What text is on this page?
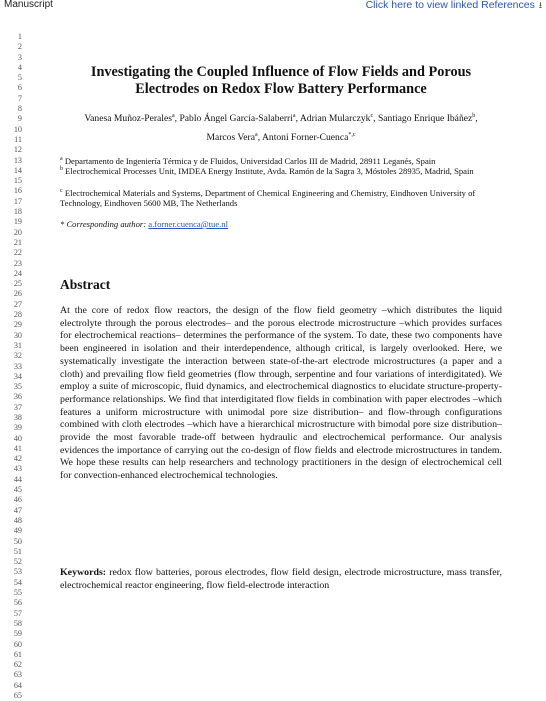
Manuscript	Click here to view linked References ⭳
1
2
3
4
5
6
7
8
9
10
11
12
13
14
15
16
17
18
19
20
21
22
23
24
25
26
27
28
29
30
31
32
33
34
35
36
37
38
39
40
41
42
43
44
45
46
47
48
49
50
51
52
53
54
55
56
57
58
59
60
61
62
63
64
65
Investigating the Coupled Influence of Flow Fields and Porous Electrodes on Redox Flow Battery Performance
Vanesa Muñoz-Perales$^a$, Pablo Ángel García-Salaberri$^a$, Adrian Mularczyk$^c$, Santiago Enrique Ibáñez$^b$,
Marcos Vera$^a$, Antoni Forner-Cuenca$^{*,c}$
$^a$ Departamento de Ingeniería Térmica y de Fluidos, Universidad Carlos III de Madrid, 28911 Leganés, Spain
$^b$ Electrochemical Processes Unit, IMDEA Energy Institute, Avda. Ramón de la Sagra 3, Móstoles 28935, Madrid, Spain
$^c$ Electrochemical Materials and Systems, Department of Chemical Engineering and Chemistry, Eindhoven University of Technology, Eindhoven 5600 MB, The Netherlands
* Corresponding author: a.forner.cuenca@tue.nl
Abstract
At the core of redox flow reactors, the design of the flow field geometry –which distributes the liquid electrolyte through the porous electrodes– and the porous electrode microstructure –which provides surfaces for electrochemical reactions– determines the performance of the system. To date, these two components have been engineered in isolation and their interdependence, although critical, is largely overlooked. Here, we systematically investigate the interaction between state-of-the-art electrode microstructures (a paper and a cloth) and prevailing flow field geometries (flow through, serpentine and four variations of interdigitated). We employ a suite of microscopic, fluid dynamics, and electrochemical diagnostics to elucidate structure-property-performance relationships. We find that interdigitated flow fields in combination with paper electrodes –which features a uniform microstructure with unimodal pore size distribution– and flow-through configurations combined with cloth electrodes –which have a hierarchical microstructure with bimodal pore size distribution– provide the most favorable trade-off between hydraulic and electrochemical performance. Our analysis evidences the importance of carrying out the co-design of flow fields and electrode microstructures in tandem. We hope these results can help researchers and technology practitioners in the design of electrochemical cell for convection-enhanced electrochemical technologies.
Keywords: redox flow batteries, porous electrodes, flow field design, electrode microstructure, mass transfer, electrochemical reactor engineering, flow field-electrode interaction
